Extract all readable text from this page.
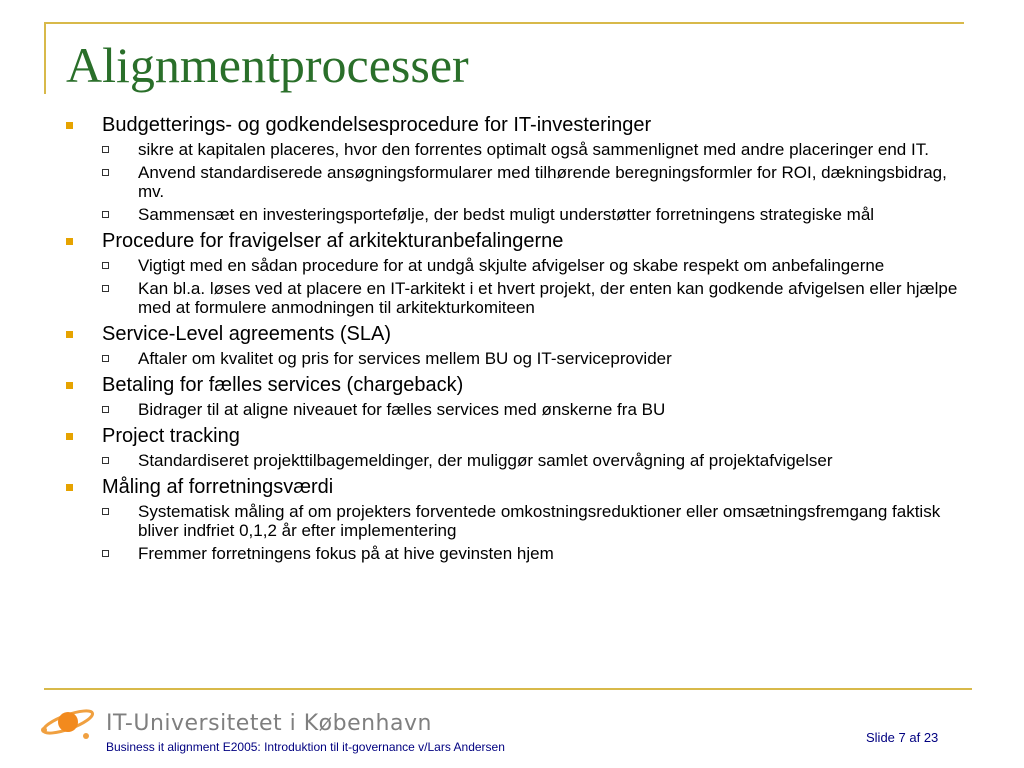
Alignmentprocesser
Budgetterings- og godkendelsesprocedure for IT-investeringer
sikre at kapitalen placeres, hvor den forrentes optimalt også sammenlignet med andre placeringer end IT.
Anvend standardiserede ansøgningsformularer med tilhørende beregningsformler for ROI, dækningsbidrag, mv.
Sammensæt en investeringsportefølje, der bedst muligt understøtter forretningens strategiske mål
Procedure for fravigelser af arkitekturanbefalingerne
Vigtigt med en sådan procedure for at undgå skjulte afvigelser og skabe respekt om anbefalingerne
Kan bl.a. løses ved at placere en IT-arkitekt i et hvert projekt, der enten kan godkende afvigelsen eller hjælpe med at formulere anmodningen til arkitekturkomiteen
Service-Level agreements (SLA)
Aftaler om kvalitet og pris for services mellem BU og IT-serviceprovider
Betaling for fælles services (chargeback)
Bidrager til at aligne niveauet for fælles services med ønskerne fra BU
Project tracking
Standardiseret projekttilbagemeldinger, der muliggør samlet overvågning af projektafvigelser
Måling af forretningsværdi
Systematisk måling af om projekters forventede omkostningsreduktioner eller omsætningsfremgang faktisk bliver indfriet 0,1,2 år efter implementering
Fremmer forretningens fokus på at hive gevinsten hjem
IT-Universitetet i København
Business it alignment E2005: Introduktion til it-governance v/Lars Andersen
Slide 7 af 23
